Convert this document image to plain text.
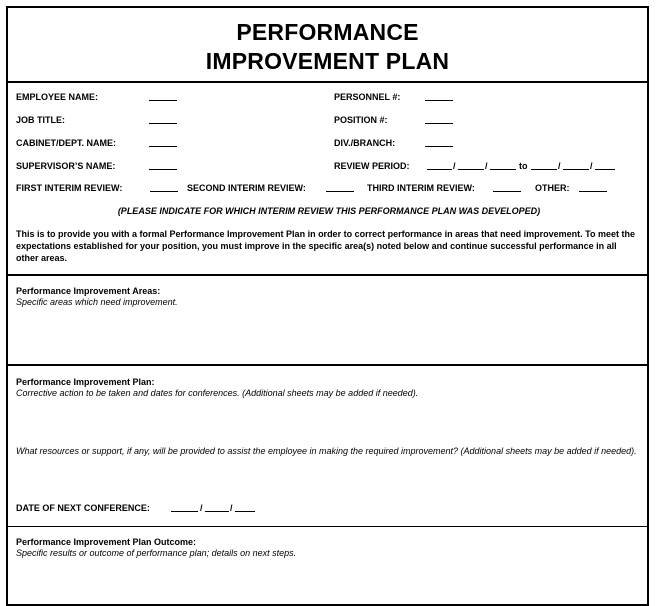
PERFORMANCE
IMPROVEMENT PLAN
EMPLOYEE NAME:	PERSONNEL #:
JOB TITLE:	POSITION #:
CABINET/DEPT. NAME:	DIV./BRANCH:
SUPERVISOR’S NAME:	REVIEW PERIOD:	/	/	to	/	/
FIRST INTERIM REVIEW:	SECOND INTERIM REVIEW:	THIRD INTERIM REVIEW:	OTHER:
(PLEASE INDICATE FOR WHICH INTERIM REVIEW THIS PERFORMANCE PLAN WAS DEVELOPED)
This is to provide you with a formal Performance Improvement Plan in order to correct performance in areas that need improvement. To meet the expectations established for your position, you must improve in the specific area(s) noted below and continue successful performance in all other areas.
Performance Improvement Areas:
Specific areas which need improvement.
Performance Improvement Plan:
Corrective action to be taken and dates for conferences. (Additional sheets may be added if needed).
What resources or support, if any, will be provided to assist the employee in making the required improvement? (Additional sheets may be added if needed).
DATE OF NEXT CONFERENCE:	/	/
Performance Improvement Plan Outcome:
Specific results or outcome of performance plan; details on next steps.
